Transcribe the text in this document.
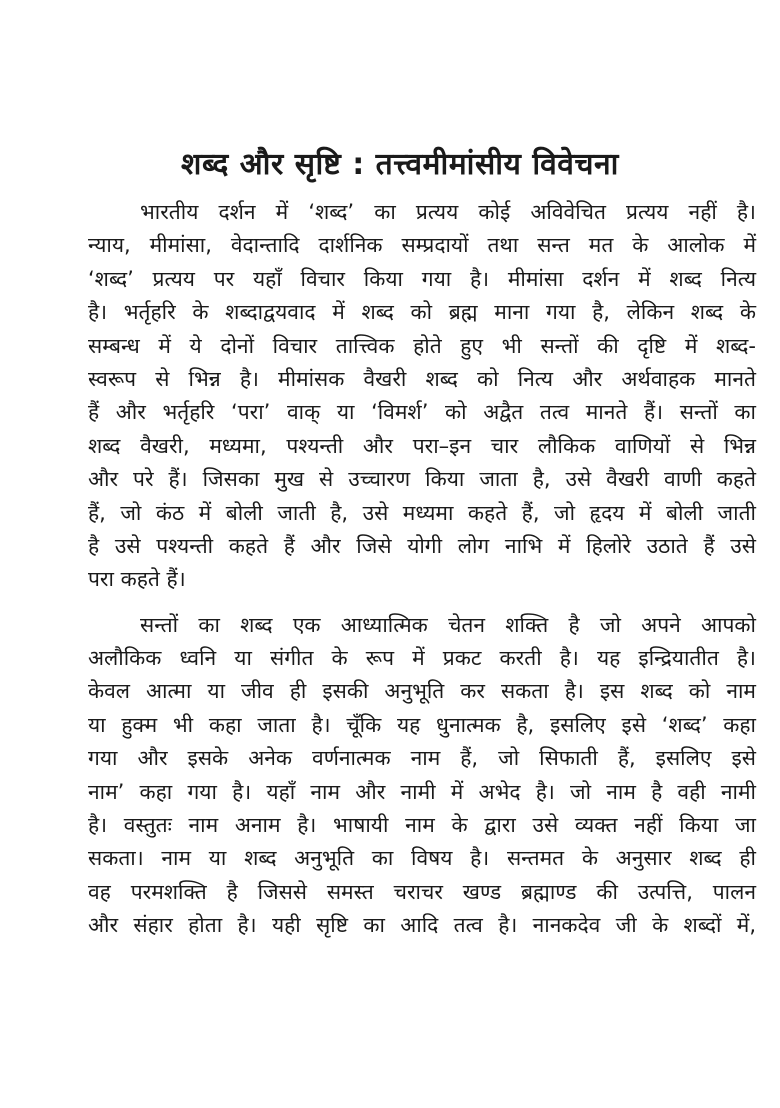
शब्द और सृष्टि : तत्त्वमीमांसीय विवेचना
भारतीय दर्शन में ‘शब्द’ का प्रत्यय कोई अविवेचित प्रत्यय नहीं है।
न्याय, मीमांसा, वेदान्तादि दार्शनिक सम्प्रदायों तथा सन्त मत के आलोक में
‘शब्द’ प्रत्यय पर यहाँ विचार किया गया है। मीमांसा दर्शन में शब्द नित्य
है। भर्तृहरि के शब्दाद्वयवाद में शब्द को ब्रह्म माना गया है, लेकिन शब्द के
सम्बन्ध में ये दोनों विचार तात्त्विक होते हुए भी सन्तों की दृष्टि में शब्द-
स्वरूप से भिन्न है। मीमांसक वैखरी शब्द को नित्य और अर्थवाहक मानते
हैं और भर्तृहरि ‘परा’ वाक् या ‘विमर्श’ को अद्वैत तत्व मानते हैं। सन्तों का
शब्द वैखरी, मध्यमा, पश्यन्ती और परा–इन चार लौकिक वाणियों से भिन्न
और परे हैं। जिसका मुख से उच्चारण किया जाता है, उसे वैखरी वाणी कहते
हैं, जो कंठ में बोली जाती है, उसे मध्यमा कहते हैं, जो हृदय में बोली जाती
है उसे पश्यन्ती कहते हैं और जिसे योगी लोग नाभि में हिलोरे उठाते हैं उसे
परा कहते हैं।
सन्तों का शब्द एक आध्यात्मिक चेतन शक्ति है जो अपने आपको
अलौकिक ध्वनि या संगीत के रूप में प्रकट करती है। यह इन्द्रियातीत है।
केवल आत्मा या जीव ही इसकी अनुभूति कर सकता है। इस शब्द को नाम
या हुक्म भी कहा जाता है। चूँकि यह धुनात्मक है, इसलिए इसे ‘शब्द’ कहा
गया और इसके अनेक वर्णनात्मक नाम हैं, जो सिफाती हैं, इसलिए इसे
नाम’ कहा गया है। यहाँ नाम और नामी में अभेद है। जो नाम है वही नामी
है। वस्तुतः नाम अनाम है। भाषायी नाम के द्वारा उसे व्यक्त नहीं किया जा
सकता। नाम या शब्द अनुभूति का विषय है। सन्तमत के अनुसार शब्द ही
वह परमशक्ति है जिससे समस्त चराचर खण्ड ब्रह्माण्ड की उत्पत्ति, पालन
और संहार होता है। यही सृष्टि का आदि तत्व है। नानकदेव जी के शब्दों में,
